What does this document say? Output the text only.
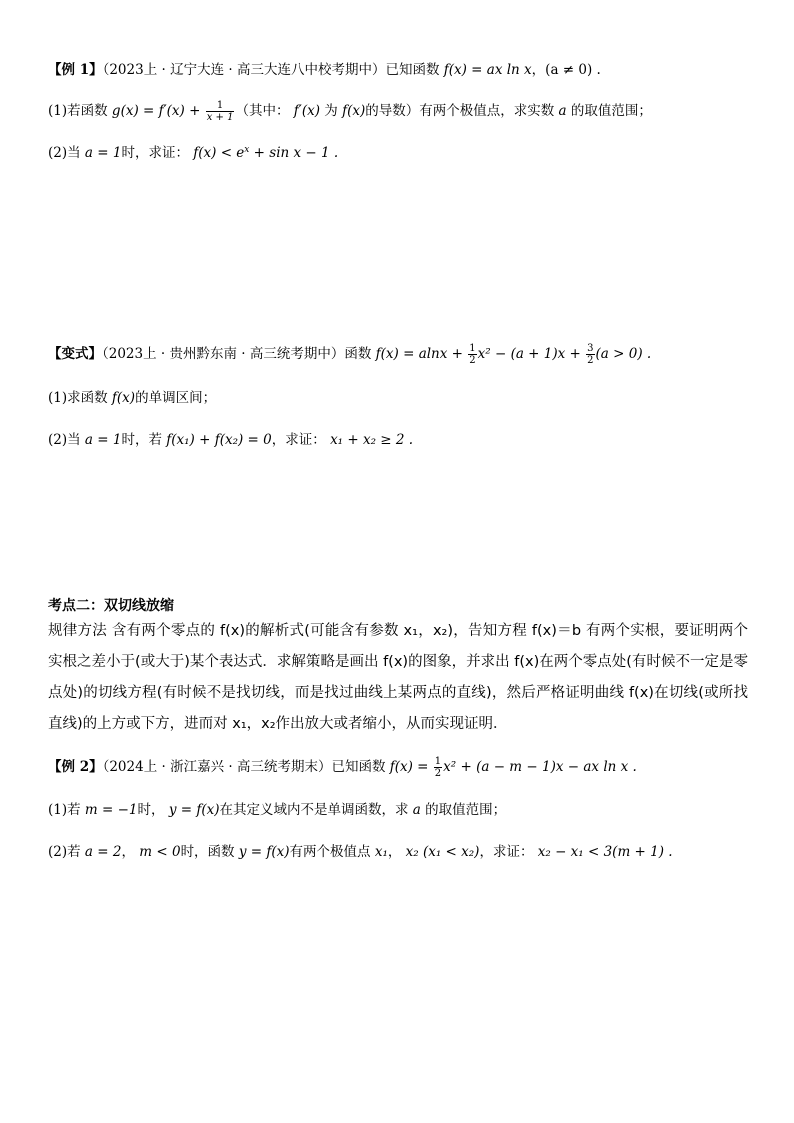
【例 1】（2023上 · 辽宁大连 · 高三大连八中校考期中）已知函数 f(x) = ax ln x，(a ≠ 0) .
(1)若函数 $g(x) = f'(x) + \frac{1}{x + 1}$ （其中： f′(x) 为 f(x)的导数）有两个极值点，求实数 a 的取值范围；
(2)当 a = 1时，求证： $f(x) < e^x + \sin x - 1$ .
【变式】（2023上 · 贵州黔东南 · 高三统考期中）函数 $f(x) = alnx + \frac{1}{2} x^2 - (a + 1)x + \frac{3}{2} (a > 0)$ .
(1)求函数 f(x)的单调区间；
(2)当 a = 1时，若 f(x₁) + f(x₂) = 0，求证： x₁ + x₂ ≥ 2 .
考点二：双切线放缩
规律方法 含有两个零点的 f(x)的解析式(可能含有参数 x₁，x₂)，告知方程 f(x)＝b 有两个实根，要证明两个实根之差小于(或大于)某个表达式．求解策略是画出 f(x)的图象，并求出 f(x)在两个零点处(有时候不一定是零点处)的切线方程(有时候不是找切线，而是找过曲线上某两点的直线)，然后严格证明曲线 f(x)在切线(或所找直线)的上方或下方，进而对 x₁，x₂作出放大或者缩小，从而实现证明．
【例 2】（2024上 · 浙江嘉兴 · 高三统考期末）已知函数 $f(x) = \frac{1}{2} x^2 + (a - m - 1)x$ − ax ln x .
(1)若 m = −1时， y = f(x)在其定义域内不是单调函数，求 a 的取值范围；
(2)若 a = 2， m < 0时，函数 y = f(x)有两个极值点 x₁， x₂ (x₁ < x₂)，求证： x₂ − x₁ < 3(m + 1) .
